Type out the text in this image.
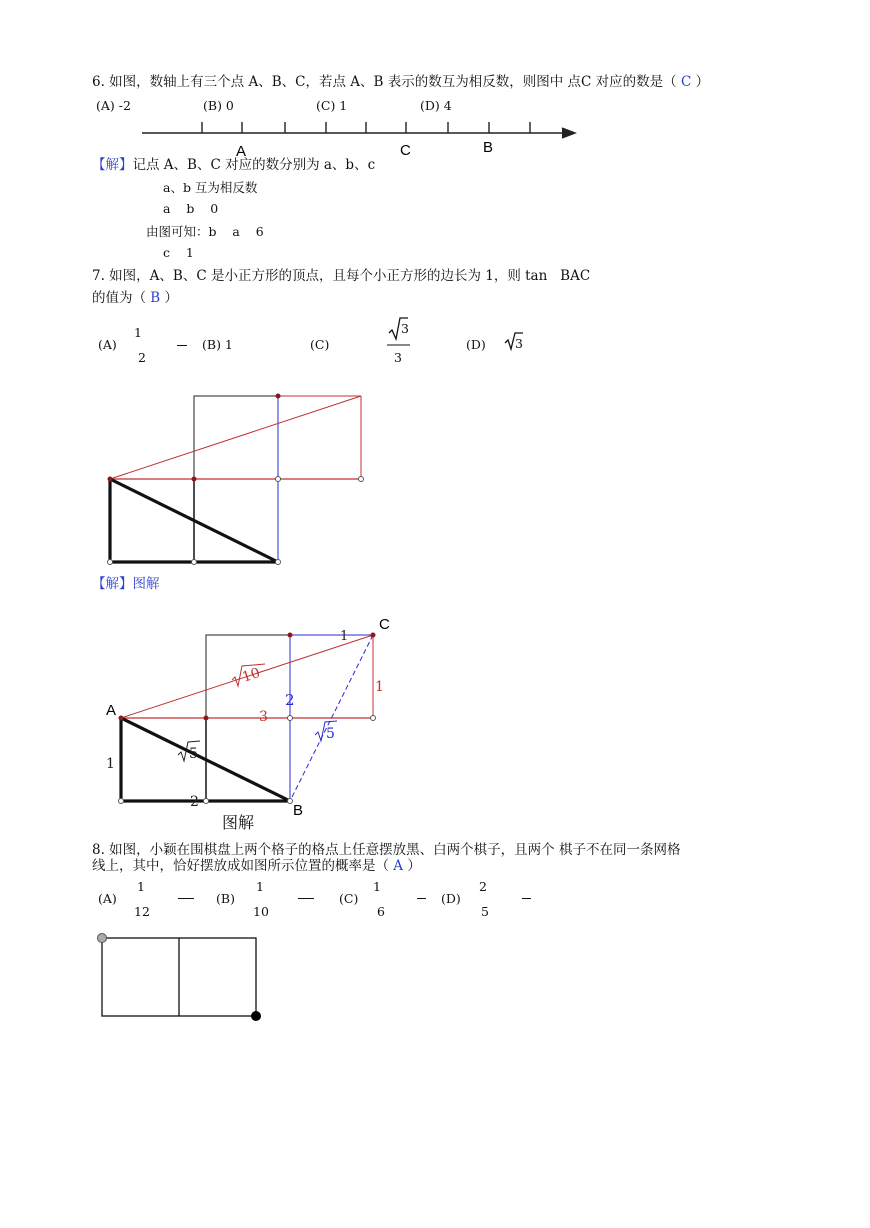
6. 如图，数轴上有三个点 A、B、C，若点 A、B 表示的数互为相反数，则图中 点C 对应的数是（ C ）
(A) -2	(B) 0	(C) 1	(D) 4
A	C	B
A
B
C
10
5
5
1
1
1
2
2
3
图解
【解】记点 A、B、C 对应的数分别为 a、b、c
a、b 互为相反数
a    b    0
由图可知：b    a    6
c    1
7. 如图，A、B、C 是小正方形的顶点，且每个小正方形的边长为 1，则 tan   BAC
的值为（ B ）
(A)
1
2
(B) 1	(C)
3
3
(D) 3
【解】图解
8. 如图，小颖在围棋盘上两个格子的格点上任意摆放黑、白两个棋子，且两个 棋子不在同一条网格
线上，其中，恰好摆放成如图所示位置的概率是（ A ）
(A)
1
12
(B)
1
10
(C)
1
6
(D)
2
5
